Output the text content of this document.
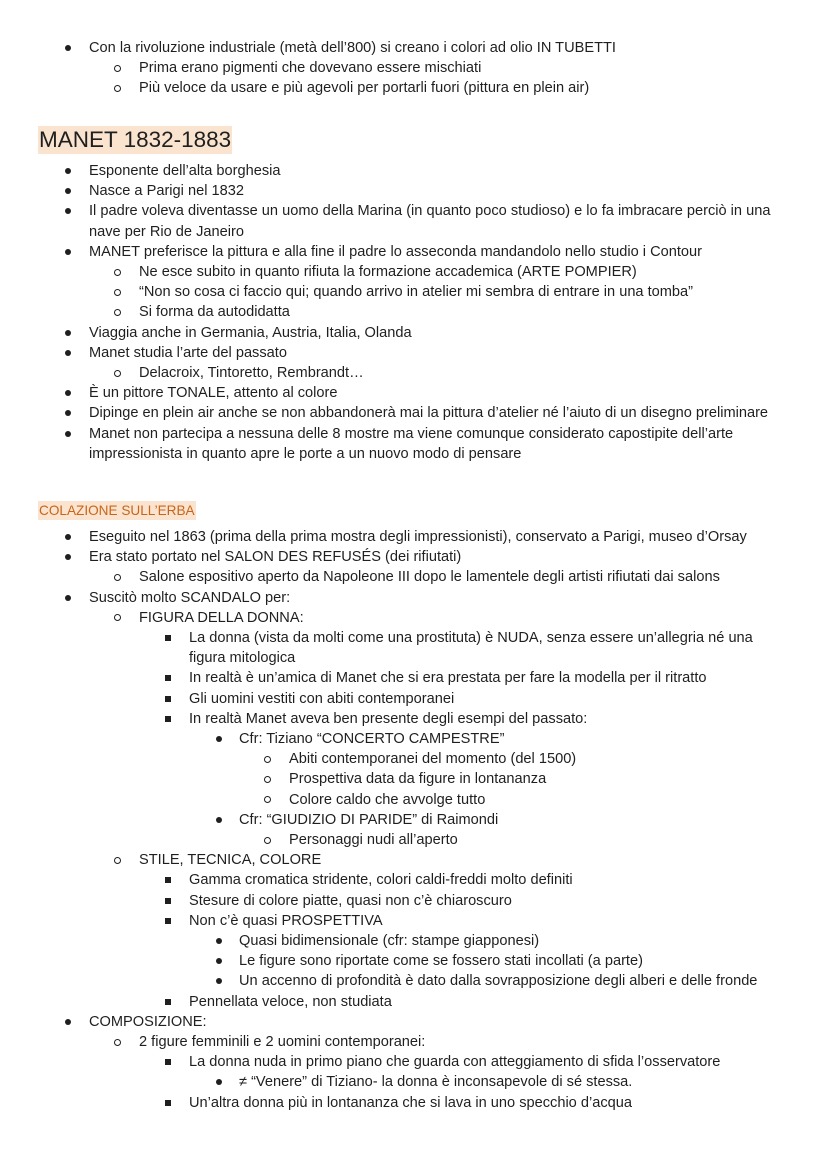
Con la rivoluzione industriale (metà dell’800) si creano i colori ad olio IN TUBETTI
Prima erano pigmenti che dovevano essere mischiati
Più veloce da usare e più agevoli per portarli fuori (pittura en plein air)
MANET 1832-1883
Esponente dell’alta borghesia
Nasce a Parigi nel 1832
Il padre voleva diventasse un uomo della Marina (in quanto poco studioso) e lo fa imbracare perciò in una nave per Rio de Janeiro
MANET preferisce la pittura e alla fine il padre lo asseconda mandandolo nello studio i Contour
Ne esce subito in quanto rifiuta la formazione accademica (ARTE POMPIER)
“Non so cosa ci faccio qui; quando arrivo in atelier mi sembra di entrare in una tomba”
Si forma da autodidatta
Viaggia anche in Germania, Austria, Italia, Olanda
Manet studia l’arte del passato
Delacroix, Tintoretto, Rembrandt…
È un pittore TONALE, attento al colore
Dipinge en plein air anche se non abbandonerà mai la pittura d’atelier né l’aiuto di un disegno preliminare
Manet non partecipa a nessuna delle 8 mostre ma viene comunque considerato capostipite dell’arte impressionista in quanto apre le porte a un nuovo modo di pensare
COLAZIONE SULL’ERBA
Eseguito nel 1863 (prima della prima mostra degli impressionisti), conservato a Parigi, museo d’Orsay
Era stato portato nel SALON DES REFUSÉS (dei rifiutati)
Salone espositivo aperto da Napoleone III dopo le lamentele degli artisti rifiutati dai salons
Suscitò molto SCANDALO per:
FIGURA DELLA DONNA:
La donna (vista da molti come una prostituta) è NUDA, senza essere un’allegria né una figura mitologica
In realtà è un’amica di Manet che si era prestata per fare la modella per il ritratto
Gli uomini vestiti con abiti contemporanei
In realtà Manet aveva ben presente degli esempi del passato:
Cfr: Tiziano “CONCERTO CAMPESTRE”
Abiti contemporanei del momento (del 1500)
Prospettiva data da figure in lontananza
Colore caldo che avvolge tutto
Cfr: “GIUDIZIO DI PARIDE” di Raimondi
Personaggi nudi all’aperto
STILE, TECNICA, COLORE
Gamma cromatica stridente, colori caldi-freddi molto definiti
Stesure di colore piatte, quasi non c’è chiaroscuro
Non c’è quasi PROSPETTIVA
Quasi bidimensionale (cfr: stampe giapponesi)
Le figure sono riportate come se fossero stati incollati (a parte)
Un accenno di profondità è dato dalla sovrapposizione degli alberi e delle fronde
Pennellata veloce, non studiata
COMPOSIZIONE:
2 figure femminili e 2 uomini contemporanei:
La donna nuda in primo piano che guarda con atteggiamento di sfida l’osservatore
≠ “Venere” di Tiziano- la donna è inconsapevole di sé stessa.
Un’altra donna più in lontananza che si lava in uno specchio d’acqua
